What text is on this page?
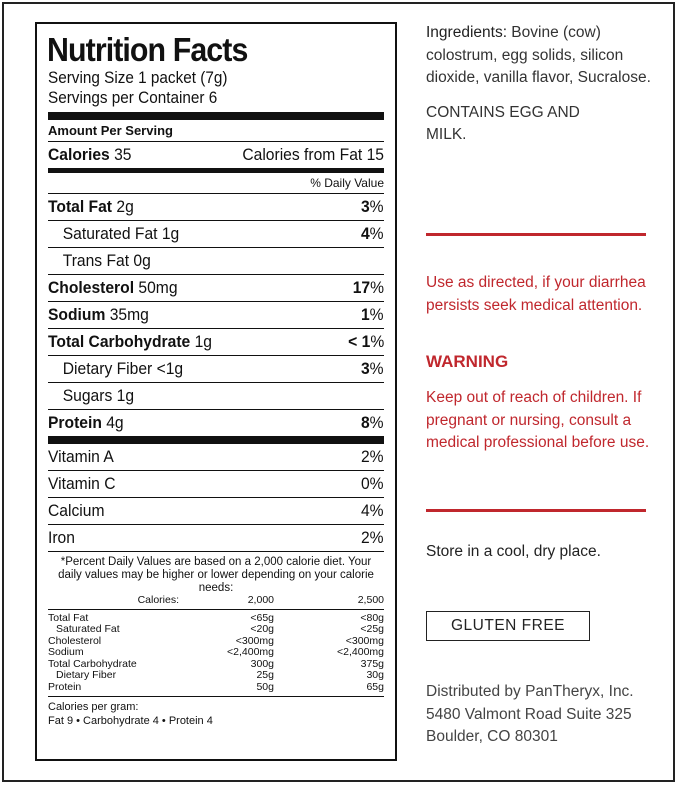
Nutrition Facts
Serving Size 1 packet (7g)
Servings per Container 6
Amount Per Serving
Calories 35	Calories from Fat 15
% Daily Value
Total Fat 2g	3%
Saturated Fat 1g	4%
Trans Fat 0g
Cholesterol 50mg	17%
Sodium 35mg	1%
Total Carbohydrate 1g	< 1%
Dietary Fiber <1g	3%
Sugars 1g
Protein 4g	8%
Vitamin A	2%
Vitamin C	0%
Calcium	4%
Iron	2%
*Percent Daily Values are based on a 2,000 calorie diet. Your daily values may be higher or lower depending on your calorie needs:
Calories:	2,000	2,500

Total Fat	<65g	<80g
Saturated Fat	<20g	<25g
Cholesterol	<300mg	<300mg
Sodium	<2,400mg	<2,400mg
Total Carbohydrate	300g	375g
Dietary Fiber	25g	30g
Protein	50g	65g
Calories per gram:
Fat 9 • Carbohydrate 4 • Protein 4
Ingredients: Bovine (cow) colostrum, egg solids, silicon dioxide, vanilla flavor, Sucralose.
CONTAINS EGG AND MILK.
Use as directed, if your diarrhea persists seek medical attention.
WARNING
Keep out of reach of children. If pregnant or nursing, consult a medical professional before use.
Store in a cool, dry place.
GLUTEN FREE
Distributed by PanTheryx, Inc.
5480 Valmont Road Suite 325
Boulder, CO 80301
